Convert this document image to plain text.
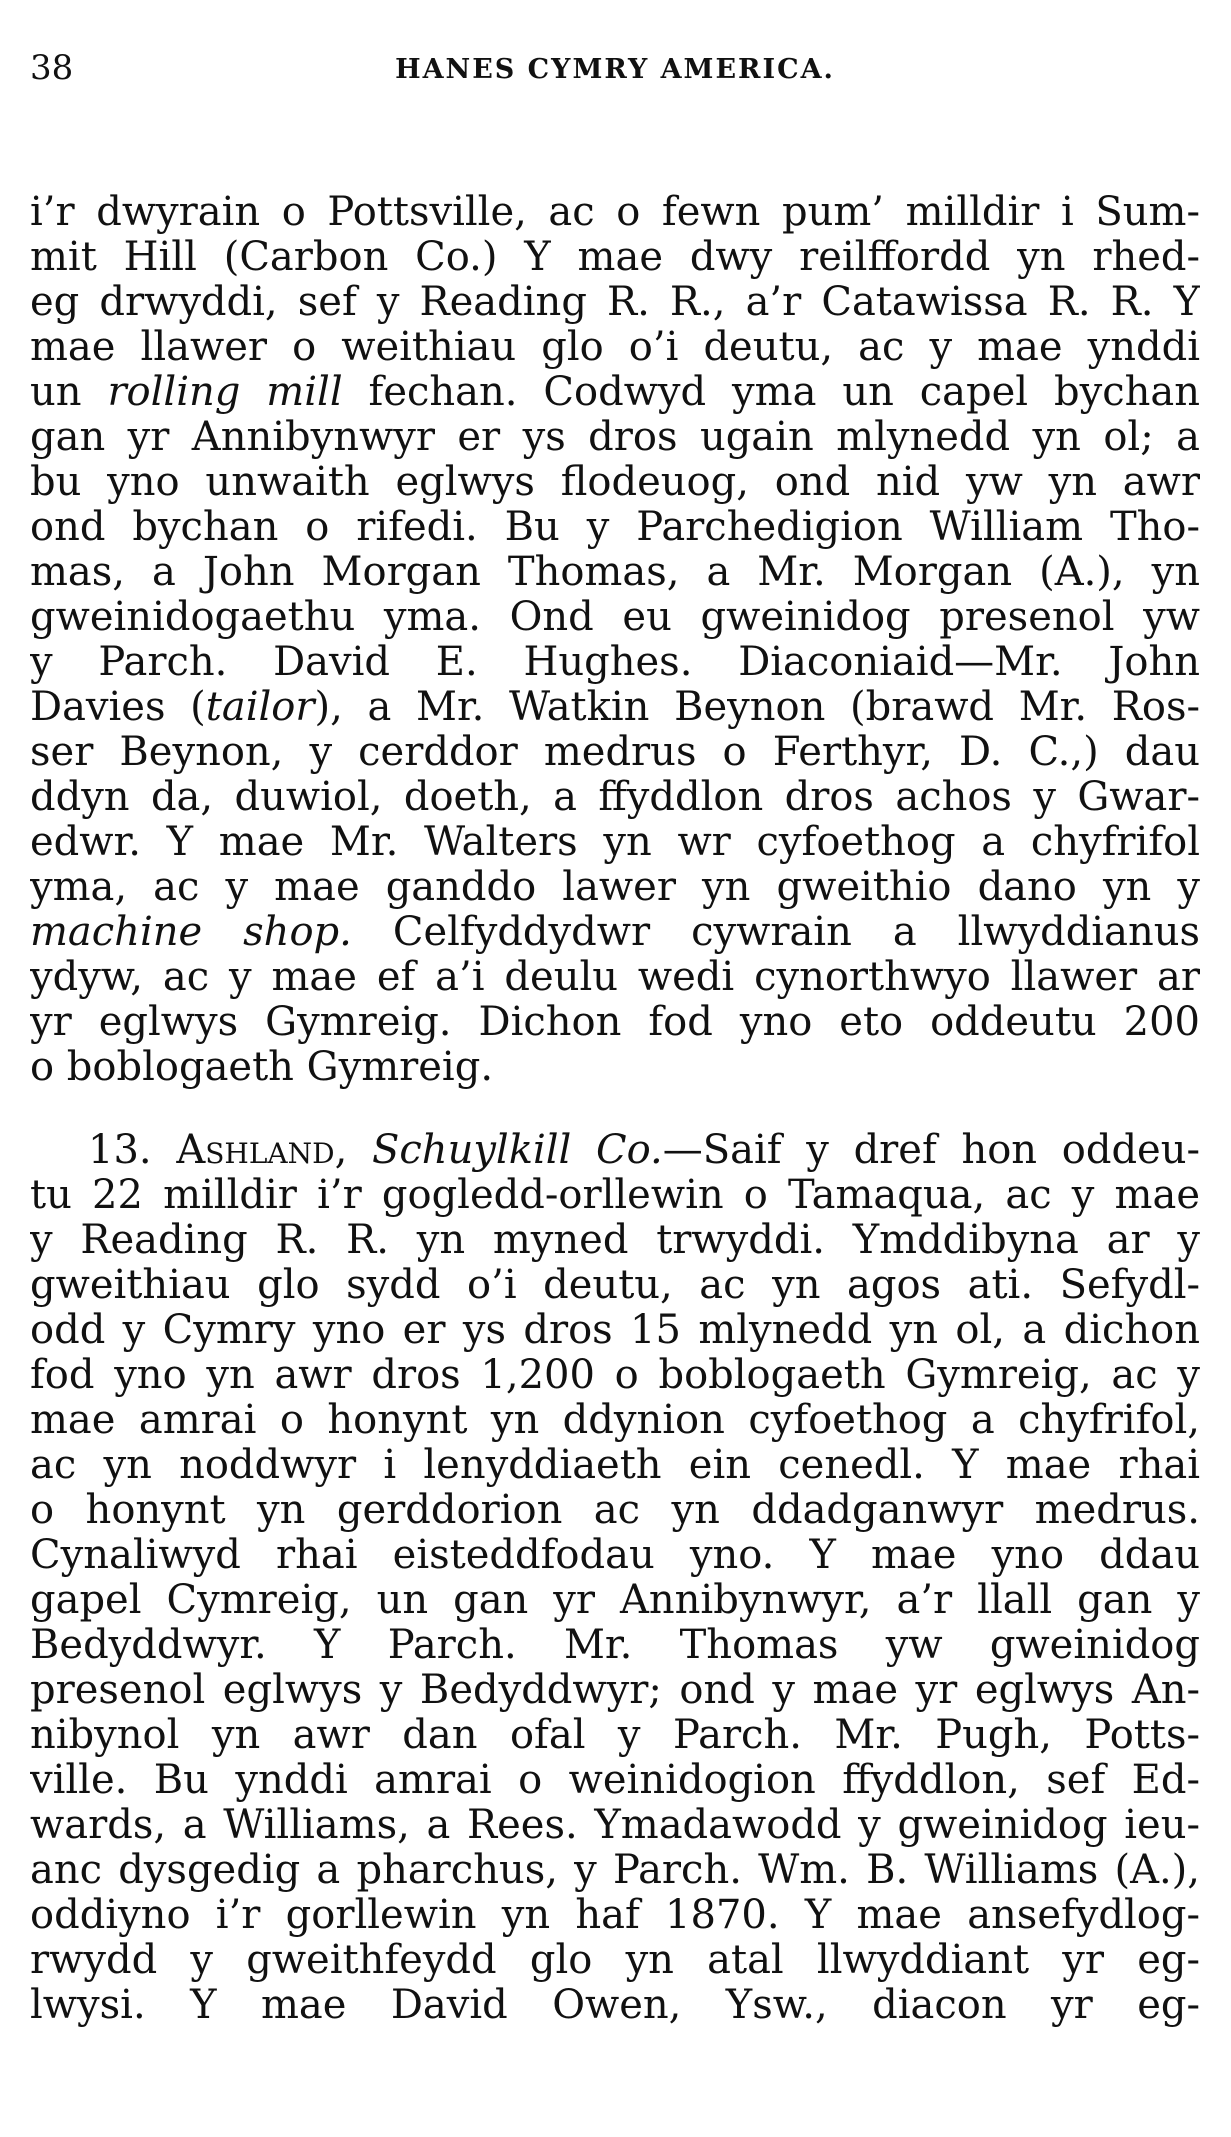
38	HANES CYMRY AMERICA.
i’r dwyrain o Pottsville, ac o fewn pum’ milldir i Sum-
mit Hill (Carbon Co.) Y mae dwy reilffordd yn rhed-
eg drwyddi, sef y Reading R. R., a’r Catawissa R. R. Y
mae llawer o weithiau glo o’i deutu, ac y mae ynddi
un rolling mill fechan. Codwyd yma un capel bychan
gan yr Annibynwyr er ys dros ugain mlynedd yn ol; a
bu yno unwaith eglwys flodeuog, ond nid yw yn awr
ond bychan o rifedi. Bu y Parchedigion William Tho-
mas, a John Morgan Thomas, a Mr. Morgan (A.), yn
gweinidogaethu yma. Ond eu gweinidog presenol yw
y Parch. David E. Hughes. Diaconiaid—Mr. John
Davies (tailor), a Mr. Watkin Beynon (brawd Mr. Ros-
ser Beynon, y cerddor medrus o Ferthyr, D. C.,) dau
ddyn da, duwiol, doeth, a ffyddlon dros achos y Gwar-
edwr. Y mae Mr. Walters yn wr cyfoethog a chyfrifol
yma, ac y mae ganddo lawer yn gweithio dano yn y
machine shop. Celfyddydwr cywrain a llwyddianus
ydyw, ac y mae ef a’i deulu wedi cynorthwyo llawer ar
yr eglwys Gymreig. Dichon fod yno eto oddeutu 200
o boblogaeth Gymreig.
13. Ashland, Schuylkill Co.—Saif y dref hon oddeu-
tu 22 milldir i’r gogledd-orllewin o Tamaqua, ac y mae
y Reading R. R. yn myned trwyddi. Ymddibyna ar y
gweithiau glo sydd o’i deutu, ac yn agos ati. Sefydl-
odd y Cymry yno er ys dros 15 mlynedd yn ol, a dichon
fod yno yn awr dros 1,200 o boblogaeth Gymreig, ac y
mae amrai o honynt yn ddynion cyfoethog a chyfrifol,
ac yn noddwyr i lenyddiaeth ein cenedl. Y mae rhai
o honynt yn gerddorion ac yn ddadganwyr medrus.
Cynaliwyd rhai eisteddfodau yno. Y mae yno ddau
gapel Cymreig, un gan yr Annibynwyr, a’r llall gan y
Bedyddwyr. Y Parch. Mr. Thomas yw gweinidog
presenol eglwys y Bedyddwyr; ond y mae yr eglwys An-
nibynol yn awr dan ofal y Parch. Mr. Pugh, Potts-
ville. Bu ynddi amrai o weinidogion ffyddlon, sef Ed-
wards, a Williams, a Rees. Ymadawodd y gweinidog ieu-
anc dysgedig a pharchus, y Parch. Wm. B. Williams (A.),
oddiyno i’r gorllewin yn haf 1870. Y mae ansefydlog-
rwydd y gweithfeydd glo yn atal llwyddiant yr eg-
lwysi. Y mae David Owen, Ysw., diacon yr eg-
